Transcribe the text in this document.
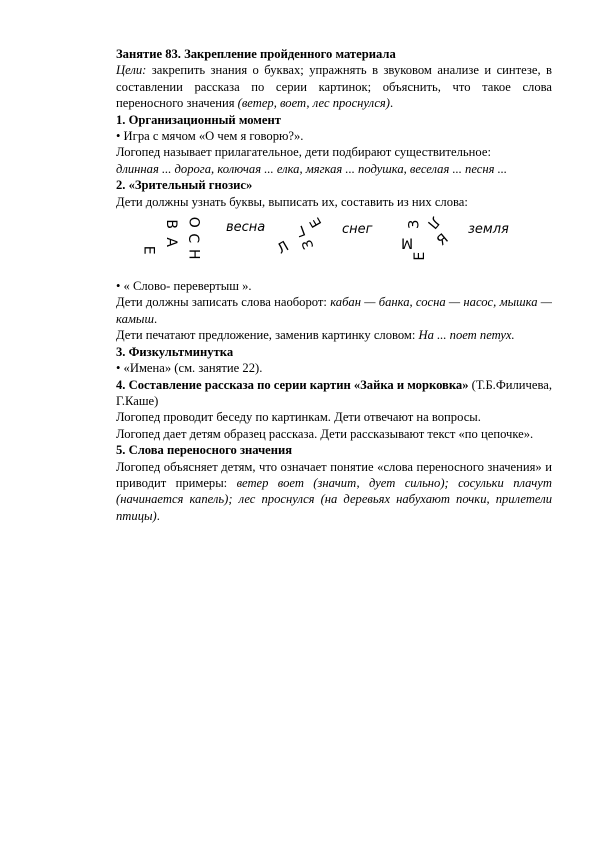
Занятие 83. Закрепление пройденного материала

Цели: закрепить знания о буквах; упражнять в звуковом анализе и синтезе, в составлении рассказа по серии картинок; объяснить, что такое слова переносного значения (ветер, воет, лес проснулся).

1. Организационный момент

• Игра с мячом «О чем я говорю?».

Логопед называет прилагательное, дети подбирают существительное:

длинная ... дорога, колючая ... елка, мягкая ... подушка, веселая ... песня ...

2. «Зрительный гнозис»

Дети должны узнать буквы, выписать их, составить из них слова:

Е
А С
В
Н
О весна
Л
Г Е
З
снег
М
Е
З Л
Я
земля

• « Слово- перевертыш ».

Дети должны записать слова наоборот: кабан — банка, сосна — насос, мышка — камыш.

Дети печатают предложение, заменив картинку словом: На ... поет петух.

3. Физкультминутка

• «Имена» (см. занятие 22).

4. Составление рассказа по серии картин «Зайка и морковка» (Т.Б.Филичева, Г.Каше)

Логопед проводит беседу по картинкам. Дети отвечают на вопросы.

Логопед дает детям образец рассказа. Дети рассказывают текст «по цепочке».

5. Слова переносного значения

Логопед объясняет детям, что означает понятие «слова переносного значения» и приводит примеры: ветер воет (значит, дует сильно); сосульки плачут (начинается капель); лес проснулся (на деревьях набухают почки, прилетели птицы).
